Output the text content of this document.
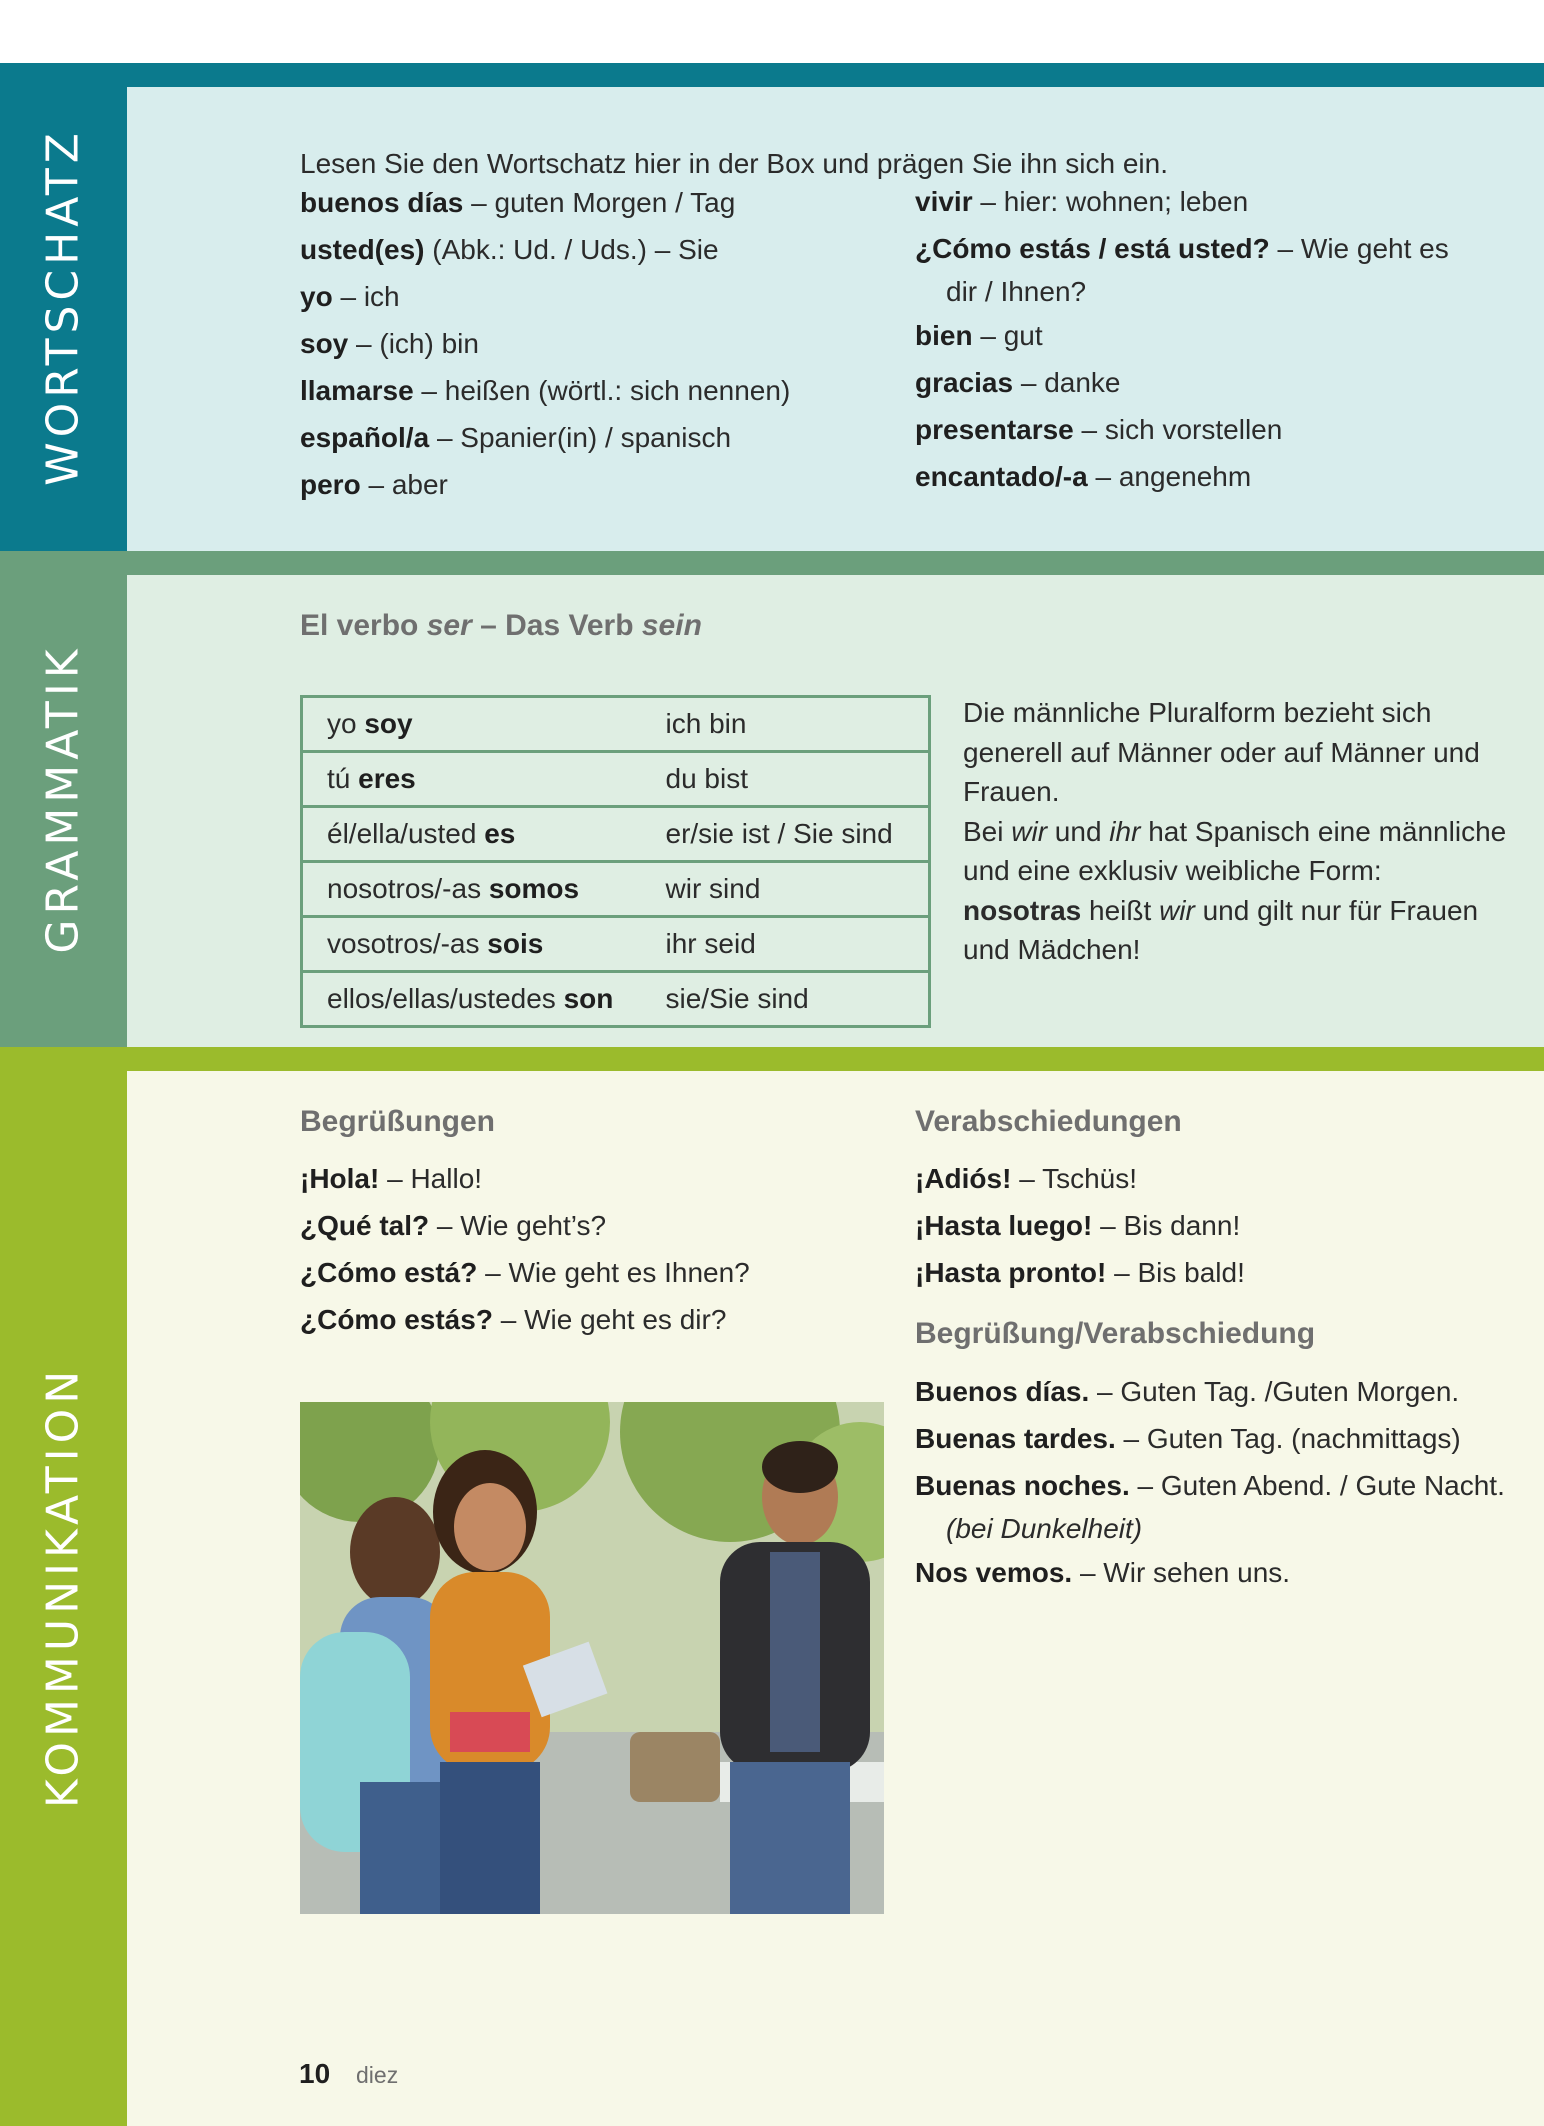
WORTSCHATZ	Lesen Sie den Wortschatz hier in der Box und prägen Sie ihn sich ein.
buenos días – guten Morgen / Tag
usted(es) (Abk.: Ud. / Uds.) – Sie
yo – ich
soy – (ich) bin
llamarse – heißen (wörtl.: sich nennen)
español/a – Spanier(in) / spanisch
pero – aber
vivir – hier: wohnen; leben
¿Cómo estás / está usted? – Wie geht es
dir / Ihnen?
bien – gut
gracias – danke
presentarse – sich vorstellen
encantado/-a – angenehm
GRAMMATIK
El verbo ser – Das Verb sein
yo soy	ich bin
tú eres	du bist
él/ella/usted es	er/sie ist / Sie sind
nosotros/-as somos	wir sind
vosotros/-as sois	ihr seid
ellos/ellas/ustedes son	sie/Sie sind
Die männliche Pluralform bezieht sich generell auf Männer oder auf Männer und Frauen.
Bei wir und ihr hat Spanisch eine männliche und eine exklusiv weibliche Form:
nosotras heißt wir und gilt nur für Frauen und Mädchen!
KOMMUNIKATION
Begrüßungen
¡Hola! – Hallo!
¿Qué tal? – Wie geht’s?
¿Cómo está? – Wie geht es Ihnen?
¿Cómo estás? – Wie geht es dir?
Verabschiedungen
¡Adiós! – Tschüs!
¡Hasta luego! – Bis dann!
¡Hasta pronto! – Bis bald!
Begrüßung/Verabschiedung
Buenos días. – Guten Tag. /Guten Morgen.
Buenas tardes. – Guten Tag. (nachmittags)
Buenas noches. – Guten Abend. / Gute Nacht.
(bei Dunkelheit)
Nos vemos. – Wir sehen uns.
10 diez
